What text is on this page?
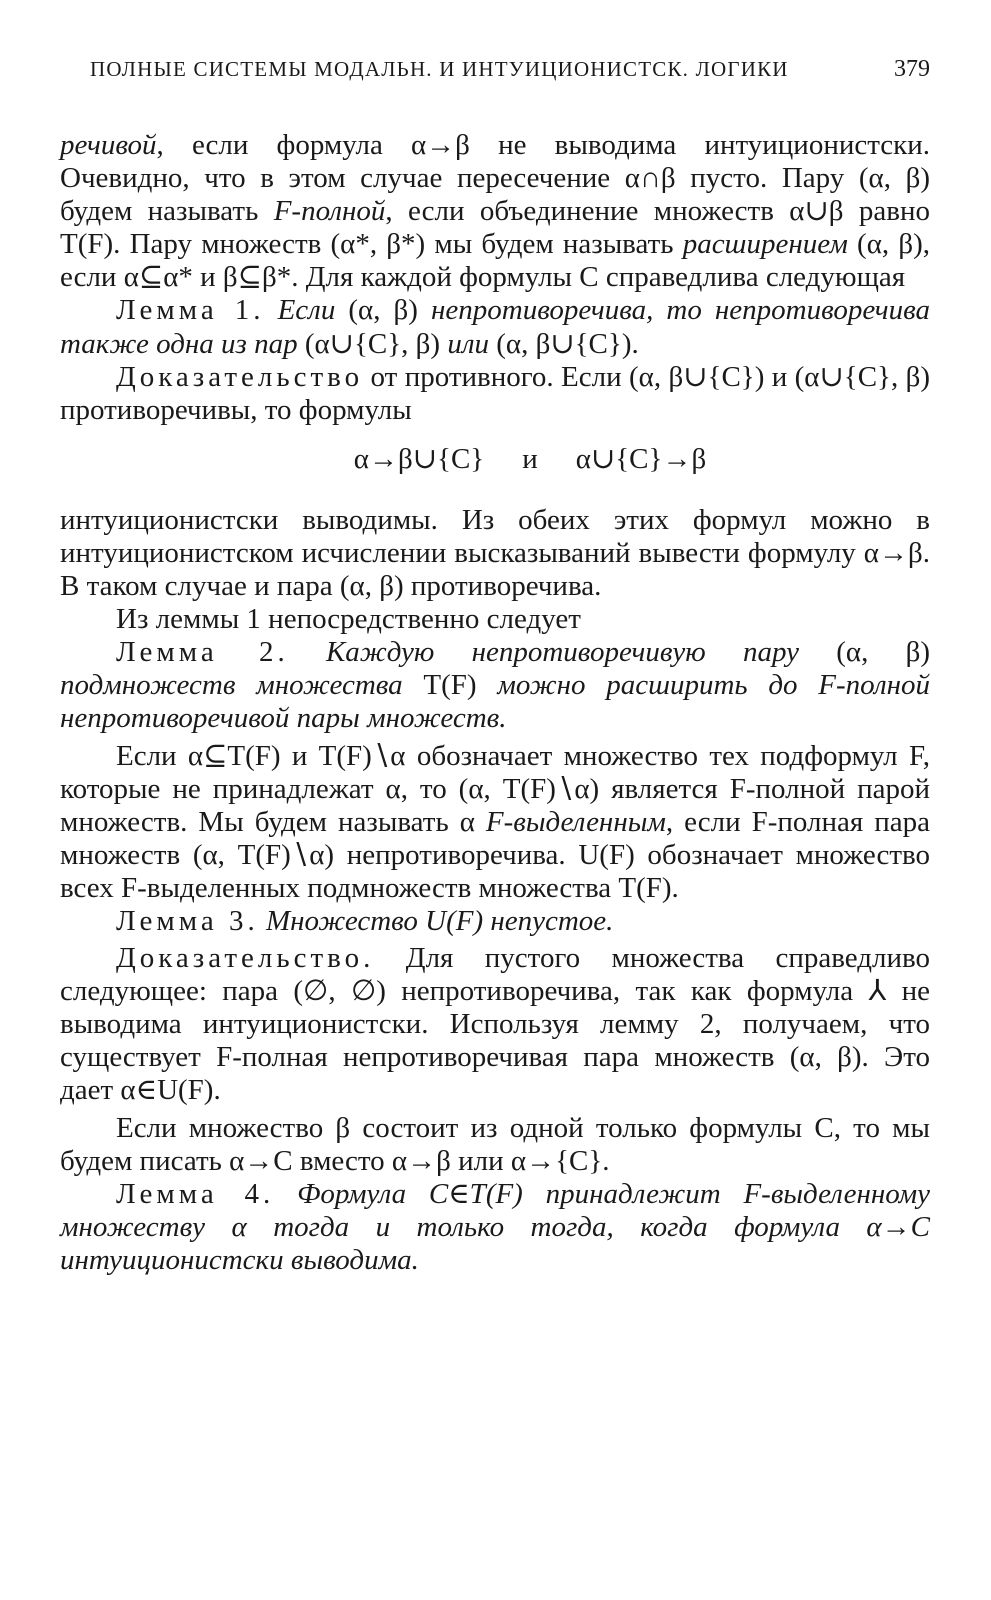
ПОЛНЫЕ СИСТЕМЫ МОДАЛЬН. И ИНТУИЦИОНИСТСК. ЛОГИКИ	379

речивой, если формула α→β не выводима интуиционистски. Очевидно, что в этом случае пересечение α∩β пусто. Пару (α, β) будем называть F-полной, если объединение множеств α∪β равно T(F). Пару множеств (α*, β*) мы будем называть расширением (α, β), если α⊆α* и β⊆β*. Для каждой формулы C справедлива следующая

Лемма 1. Если (α, β) непротиворечива, то непротиворечива также одна из пар (α∪{C}, β) или (α, β∪{C}).

Доказательство от противного. Если (α, β∪{C}) и (α∪{C}, β) противоречивы, то формулы

α→β∪{C} и α∪{C}→β

интуиционистски выводимы. Из обеих этих формул можно в интуиционистском исчислении высказываний вывести формулу α→β. В таком случае и пара (α, β) противоречива.

Из леммы 1 непосредственно следует

Лемма 2. Каждую непротиворечивую пару (α, β) подмножеств множества T(F) можно расширить до F-полной непротиворечивой пары множеств.

Если α⊆T(F) и T(F)∖α обозначает множество тех подформул F, которые не принадлежат α, то (α, T(F)∖α) является F-полной парой множеств. Мы будем называть α F-выделенным, если F-полная пара множеств (α, T(F)∖α) непротиворечива. U(F) обозначает множество всех F-выделенных подмножеств множества T(F).

Лемма 3. Множество U(F) непустое.

Доказательство. Для пустого множества справедливо следующее: пара (∅, ∅) непротиворечива, так как формула ⅄ не выводима интуиционистски. Используя лемму 2, получаем, что существует F-полная непротиворечивая пара множеств (α, β). Это дает α∈U(F).

Если множество β состоит из одной только формулы C, то мы будем писать α→C вместо α→β или α→{C}.

Лемма 4. Формула C∈T(F) принадлежит F-выделенному множеству α тогда и только тогда, когда формула α→C интуиционистски выводима.
